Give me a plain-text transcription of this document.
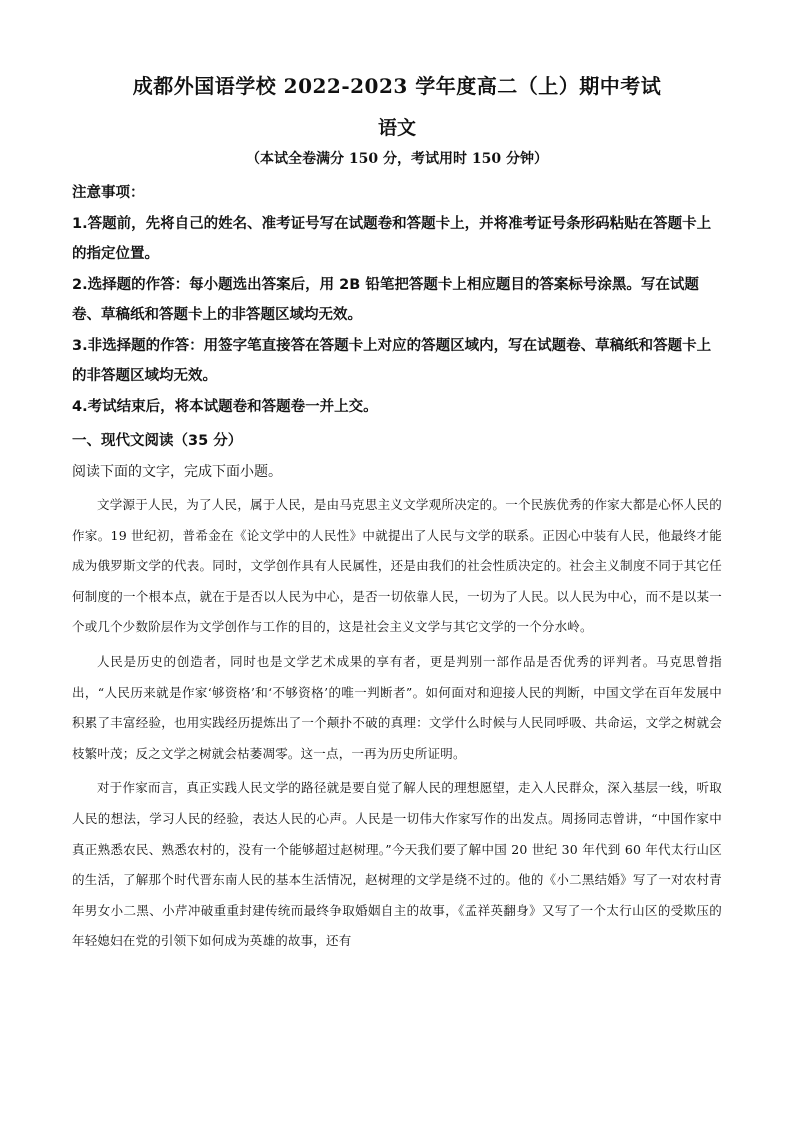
成都外国语学校 2022-2023 学年度高二（上）期中考试
语文
（本试全卷满分 150 分，考试用时 150 分钟）

注意事项：

1.答题前，先将自己的姓名、准考证号写在试题卷和答题卡上，并将准考证号条形码粘贴在答题卡上的指定位置。

2.选择题的作答：每小题选出答案后，用 2B 铅笔把答题卡上相应题目的答案标号涂黑。写在试题卷、草稿纸和答题卡上的非答题区域均无效。

3.非选择题的作答：用签字笔直接答在答题卡上对应的答题区域内，写在试题卷、草稿纸和答题卡上的非答题区域均无效。

4.考试结束后，将本试题卷和答题卷一并上交。

一、现代文阅读（35 分）
阅读下面的文字，完成下面小题。

文学源于人民，为了人民，属于人民，是由马克思主义文学观所决定的。一个民族优秀的作家大都是心怀人民的作家。19 世纪初，普希金在《论文学中的人民性》中就提出了人民与文学的联系。正因心中装有人民，他最终才能成为俄罗斯文学的代表。同时，文学创作具有人民属性，还是由我们的社会性质决定的。社会主义制度不同于其它任何制度的一个根本点，就在于是否以人民为中心，是否一切依靠人民，一切为了人民。以人民为中心，而不是以某一个或几个少数阶层作为文学创作与工作的目的，这是社会主义文学与其它文学的一个分水岭。

人民是历史的创造者，同时也是文学艺术成果的享有者，更是判别一部作品是否优秀的评判者。马克思曾指出，“人民历来就是作家‘够资格’和‘不够资格’的唯一判断者”。如何面对和迎接人民的判断，中国文学在百年发展中积累了丰富经验，也用实践经历提炼出了一个颠扑不破的真理：文学什么时候与人民同呼吸、共命运，文学之树就会枝繁叶茂；反之文学之树就会枯萎凋零。这一点，一再为历史所证明。

对于作家而言，真正实践人民文学的路径就是要自觉了解人民的理想愿望，走入人民群众，深入基层一线，听取人民的想法，学习人民的经验，表达人民的心声。人民是一切伟大作家写作的出发点。周扬同志曾讲，“中国作家中真正熟悉农民、熟悉农村的，没有一个能够超过赵树理。”今天我们要了解中国 20 世纪 30 年代到 60 年代太行山区的生活，了解那个时代晋东南人民的基本生活情况，赵树理的文学是绕不过的。他的《小二黑结婚》写了一对农村青年男女小二黑、小芹冲破重重封建传统而最终争取婚姻自主的故事，《孟祥英翻身》又写了一个太行山区的受欺压的年轻媳妇在党的引领下如何成为英雄的故事，还有
